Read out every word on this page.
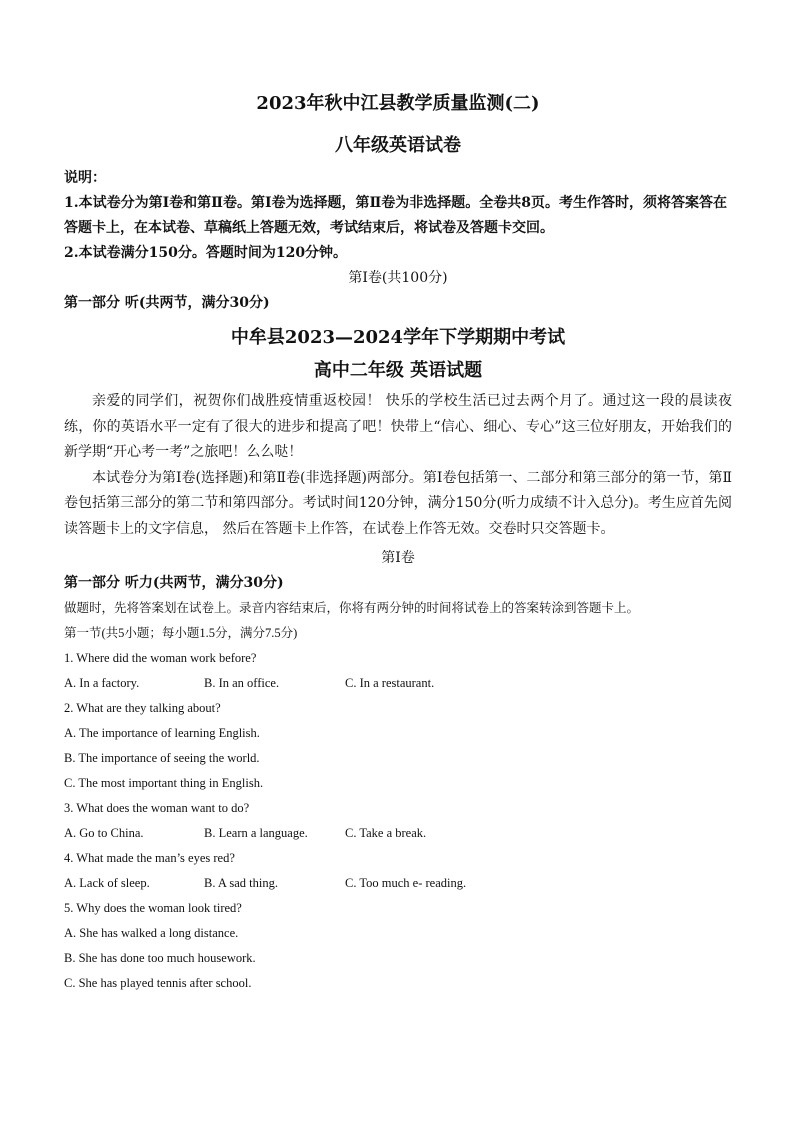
2023年秋中江县教学质量监测(二)

八年级英语试卷

说明：

1.本试卷分为第Ⅰ卷和第Ⅱ卷。第Ⅰ卷为选择题，第Ⅱ卷为非选择题。全卷共8页。考生作答时，须将答案答在答题卡上，在本试卷、草稿纸上答题无效，考试结束后，将试卷及答题卡交回。

2.本试卷满分150分。答题时间为120分钟。

第Ⅰ卷(共100分)

第一部分 听(共两节，满分30分)

中牟县2023—2024学年下学期期中考试

高中二年级 英语试题

亲爱的同学们，祝贺你们战胜疫情重返校园！ 快乐的学校生活已过去两个月了。通过这一段的晨读夜练，你的英语水平一定有了很大的进步和提高了吧！快带上“信心、细心、专心”这三位好朋友，开始我们的新学期“开心考一考”之旅吧！么么哒！

本试卷分为第Ⅰ卷(选择题)和第Ⅱ卷(非选择题)两部分。第Ⅰ卷包括第一、二部分和第三部分的第一节，第Ⅱ卷包括第三部分的第二节和第四部分。考试时间120分钟，满分150分(听力成绩不计入总分)。考生应首先阅读答题卡上的文字信息， 然后在答题卡上作答，在试卷上作答无效。交卷时只交答题卡。

第Ⅰ卷

第一部分 听力(共两节，满分30分)

做题时，先将答案划在试卷上。录音内容结束后，你将有两分钟的时间将试卷上的答案转涂到答题卡上。

第一节(共5小题；每小题1.5分，满分7.5分)

1. Where did the woman work before?

A. In a factory.	B. In an office.	C. In a restaurant.

2. What are they talking about?

A. The importance of learning English.

B. The importance of seeing the world.

C. The most important thing in English.

3. What does the woman want to do?

A. Go to China.	B. Learn a language.	C. Take a break.

4. What made the man’s eyes red?

A. Lack of sleep.	B. A sad thing.	C. Too much e- reading.

5. Why does the woman look tired?

A. She has walked a long distance.

B. She has done too much housework.

C. She has played tennis after school.
